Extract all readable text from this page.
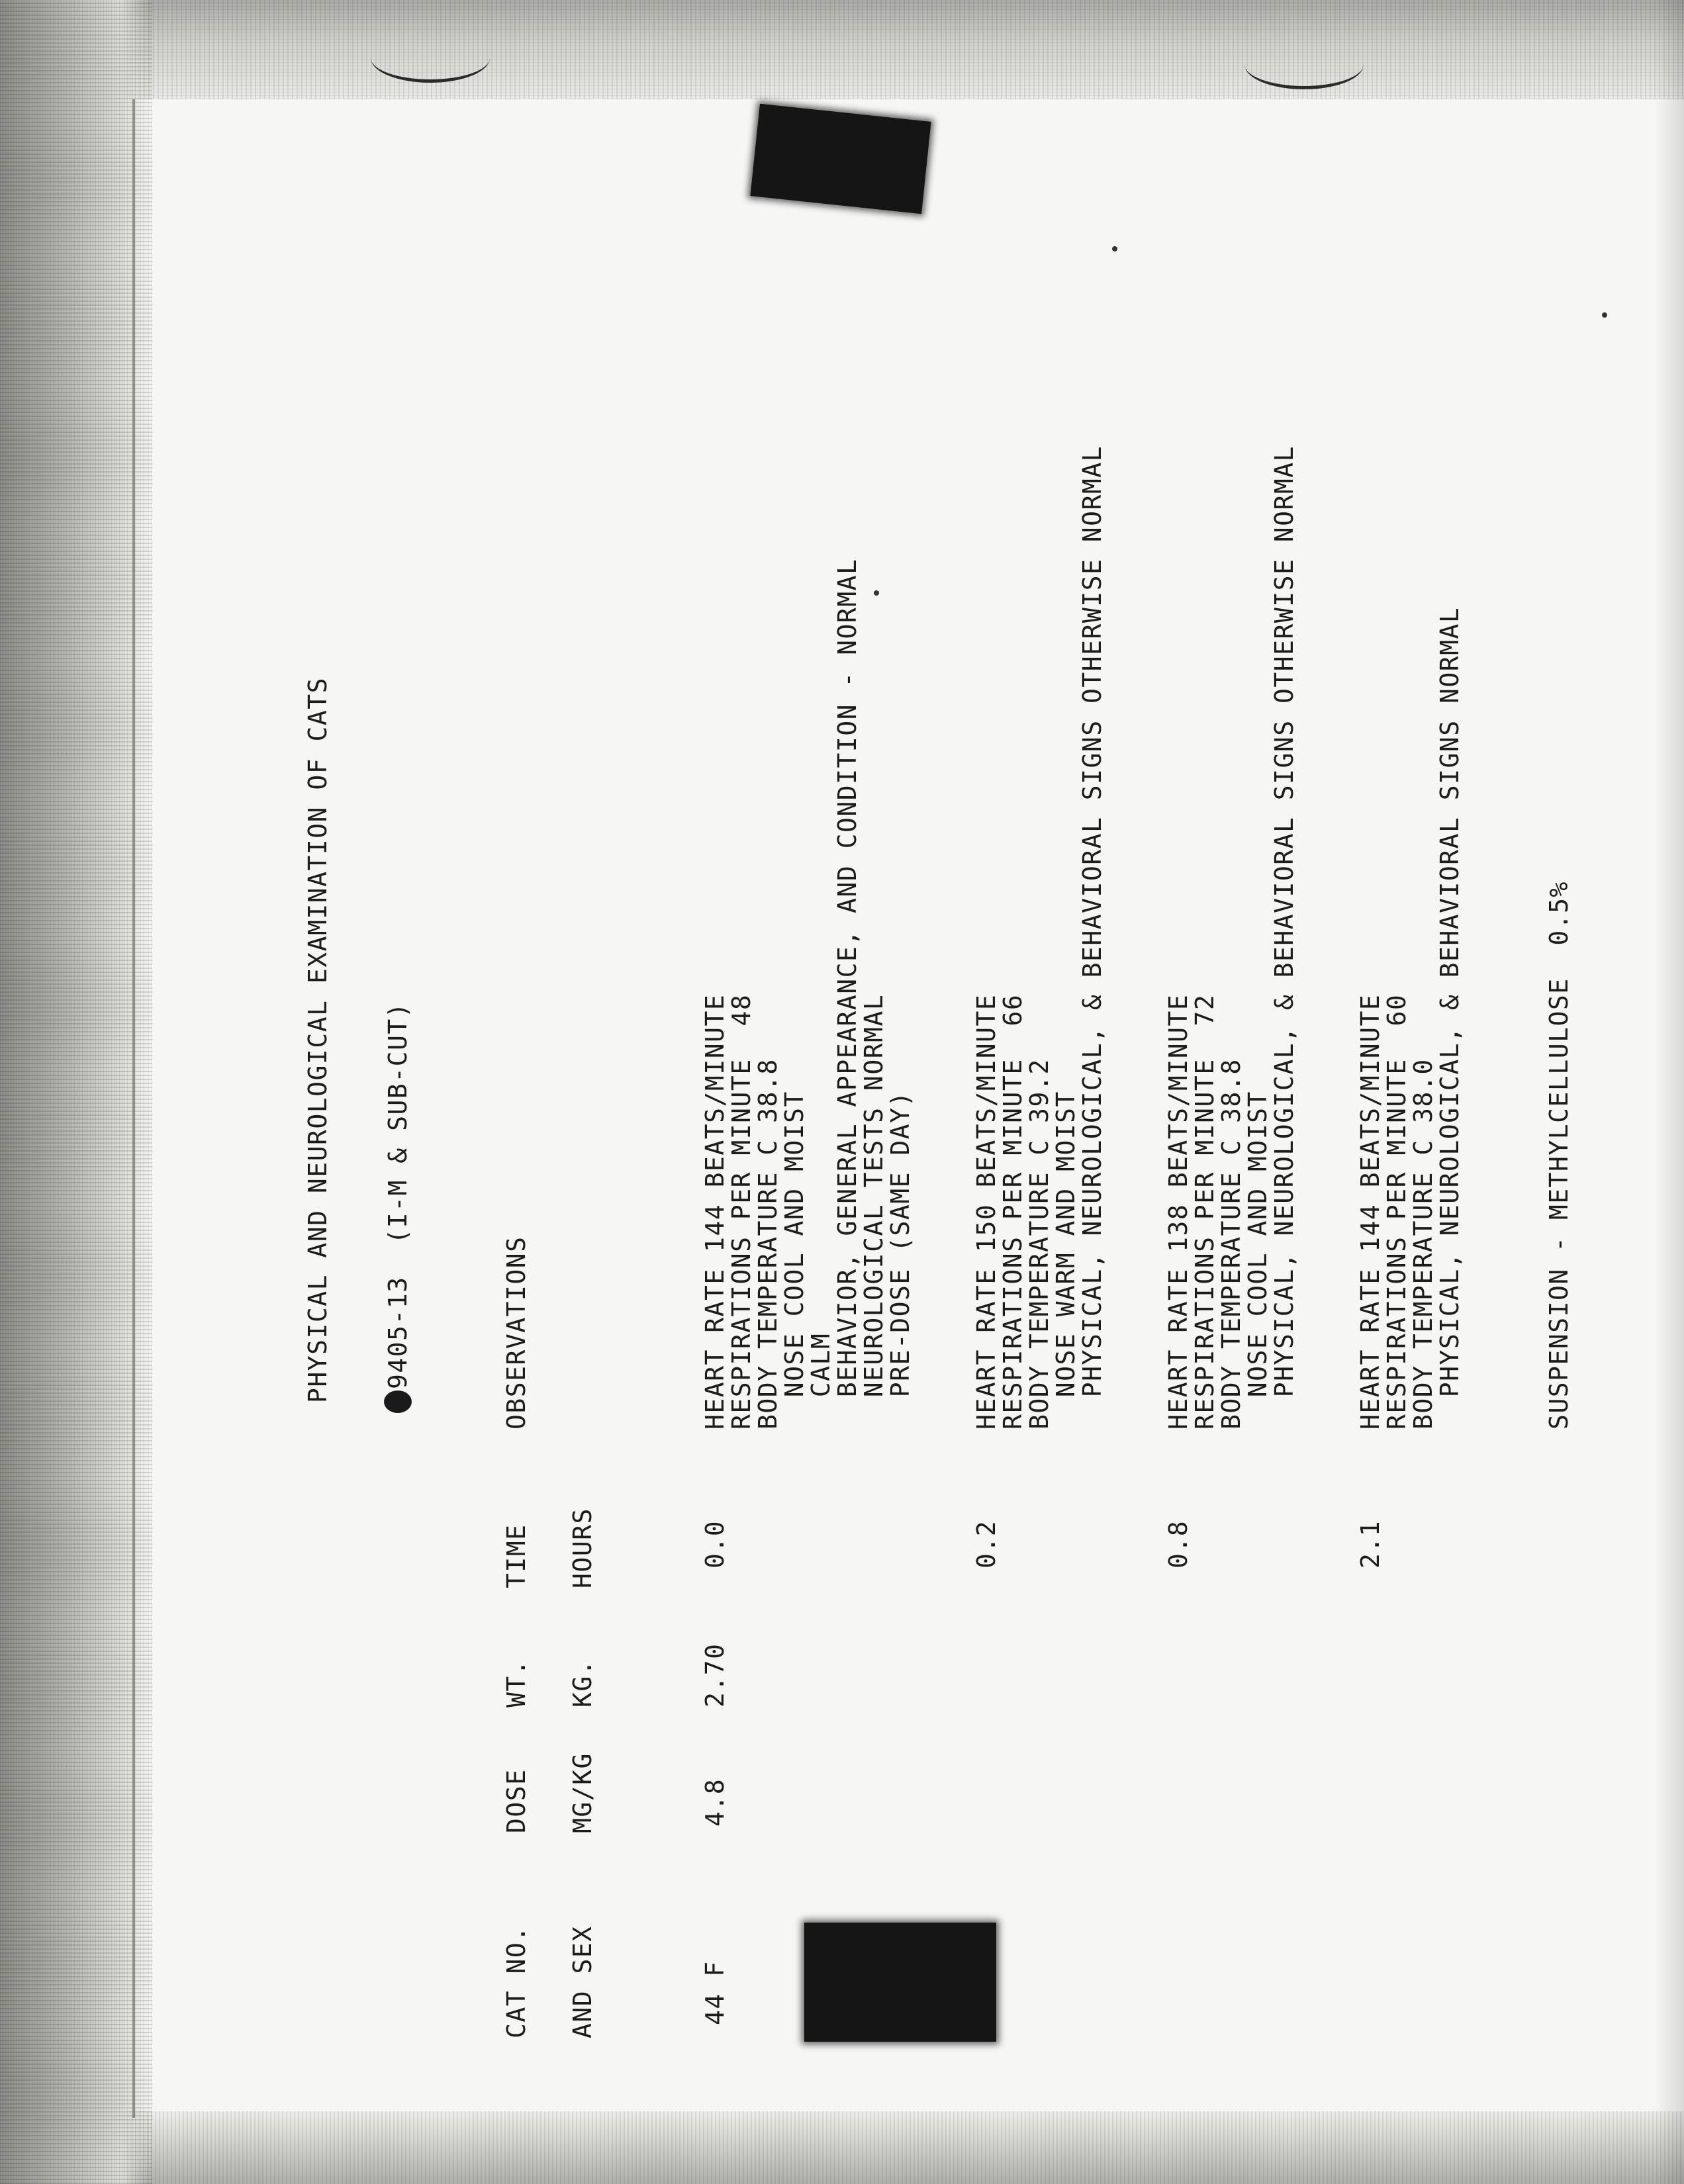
PHYSICAL AND NEUROLOGICAL EXAMINATION OF CATS 9405-13  (I-M & SUB-CUT)
CAT NO. AND SEX
DOSE MG/KG
WT. KG.
TIME HOURS
OBSERVATIONS
44 F
4.8
2.70
0.0
HEART RATE 144 BEATS/MINUTE
RESPIRATIONS PER MINUTE  48
BODY TEMPERATURE C 38.8
NOSE COOL AND MOIST
CALM
BEHAVIOR, GENERAL APPEARANCE, AND CONDITION - NORMAL
NEUROLOGICAL TESTS NORMAL
PRE-DOSE (SAME DAY)
0.2
HEART RATE 150 BEATS/MINUTE
RESPIRATIONS PER MINUTE  66
BODY TEMPERATURE C 39.2
NOSE WARM AND MOIST
PHYSICAL, NEUROLOGICAL, & BEHAVIORAL SIGNS OTHERWISE NORMAL
0.8
HEART RATE 138 BEATS/MINUTE
RESPIRATIONS PER MINUTE  72
BODY TEMPERATURE C 38.8
NOSE COOL AND MOIST
PHYSICAL, NEUROLOGICAL, & BEHAVIORAL SIGNS OTHERWISE NORMAL
2.1
HEART RATE 144 BEATS/MINUTE
RESPIRATIONS PER MINUTE  60
BODY TEMPERATURE C 38.0
PHYSICAL, NEUROLOGICAL, & BEHAVIORAL SIGNS NORMAL	SUSPENSION - METHYLCELLULOSE  0.5%
